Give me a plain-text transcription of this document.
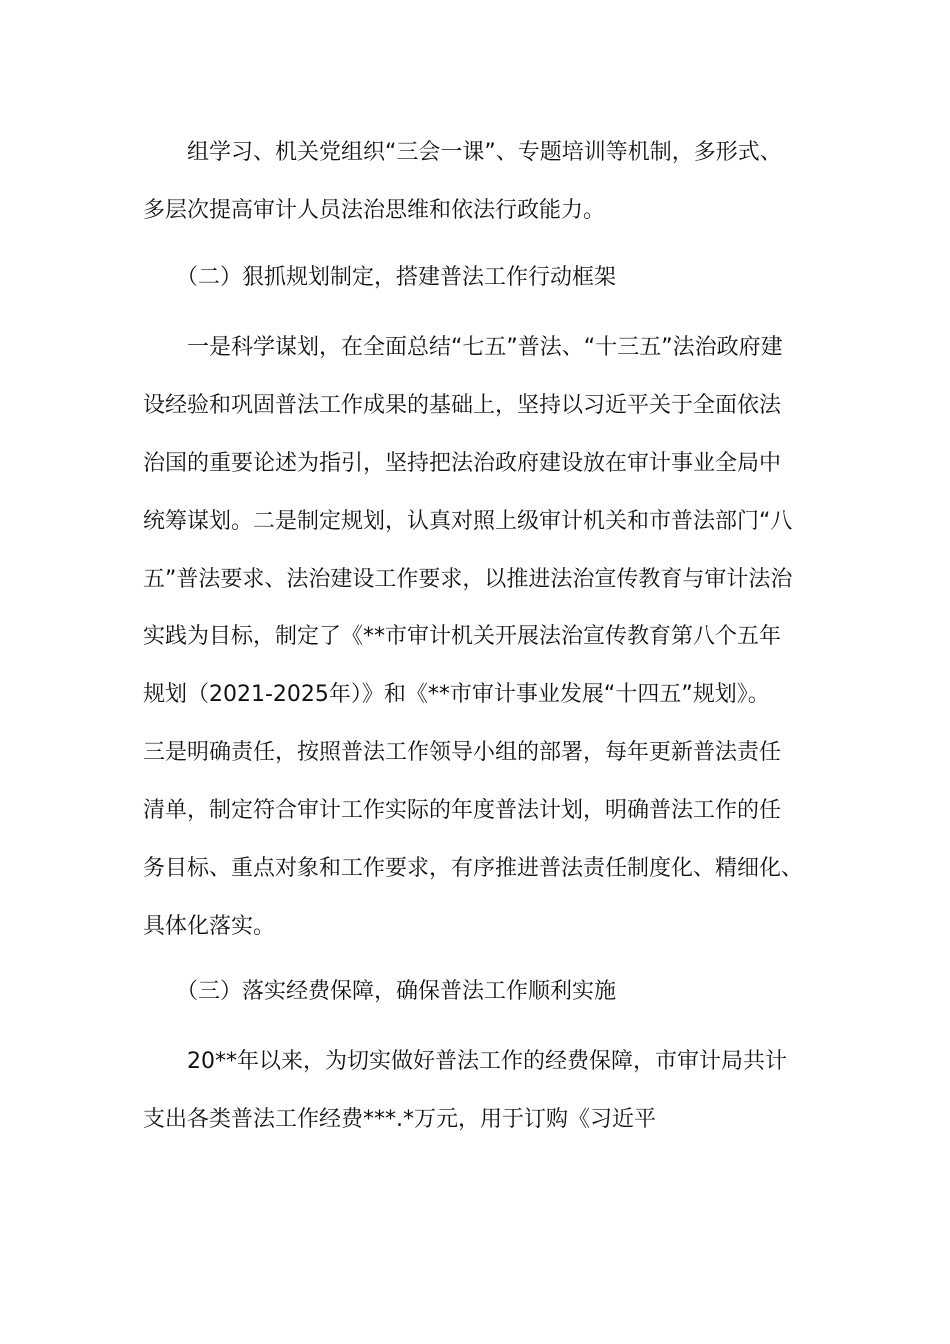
　　组学习、机关党组织“三会一课”、专题培训等机制，多形式、
多层次提高审计人员法治思维和依法行政能力。
　　（二）狠抓规划制定，搭建普法工作行动框架
　　一是科学谋划，在全面总结“七五”普法、“十三五”法治政府建
设经验和巩固普法工作成果的基础上，坚持以习近平关于全面依法
治国的重要论述为指引，坚持把法治政府建设放在审计事业全局中
统筹谋划。二是制定规划，认真对照上级审计机关和市普法部门“八
五”普法要求、法治建设工作要求，以推进法治宣传教育与审计法治
实践为目标，制定了《**市审计机关开展法治宣传教育第八个五年
规划（2021-2025年）》和《**市审计事业发展“十四五”规划》。
三是明确责任，按照普法工作领导小组的部署，每年更新普法责任
清单，制定符合审计工作实际的年度普法计划，明确普法工作的任
务目标、重点对象和工作要求，有序推进普法责任制度化、精细化、
具体化落实。
　　（三）落实经费保障，确保普法工作顺利实施
　　20**年以来，为切实做好普法工作的经费保障，市审计局共计
支出各类普法工作经费***.*万元，用于订购《习近平
